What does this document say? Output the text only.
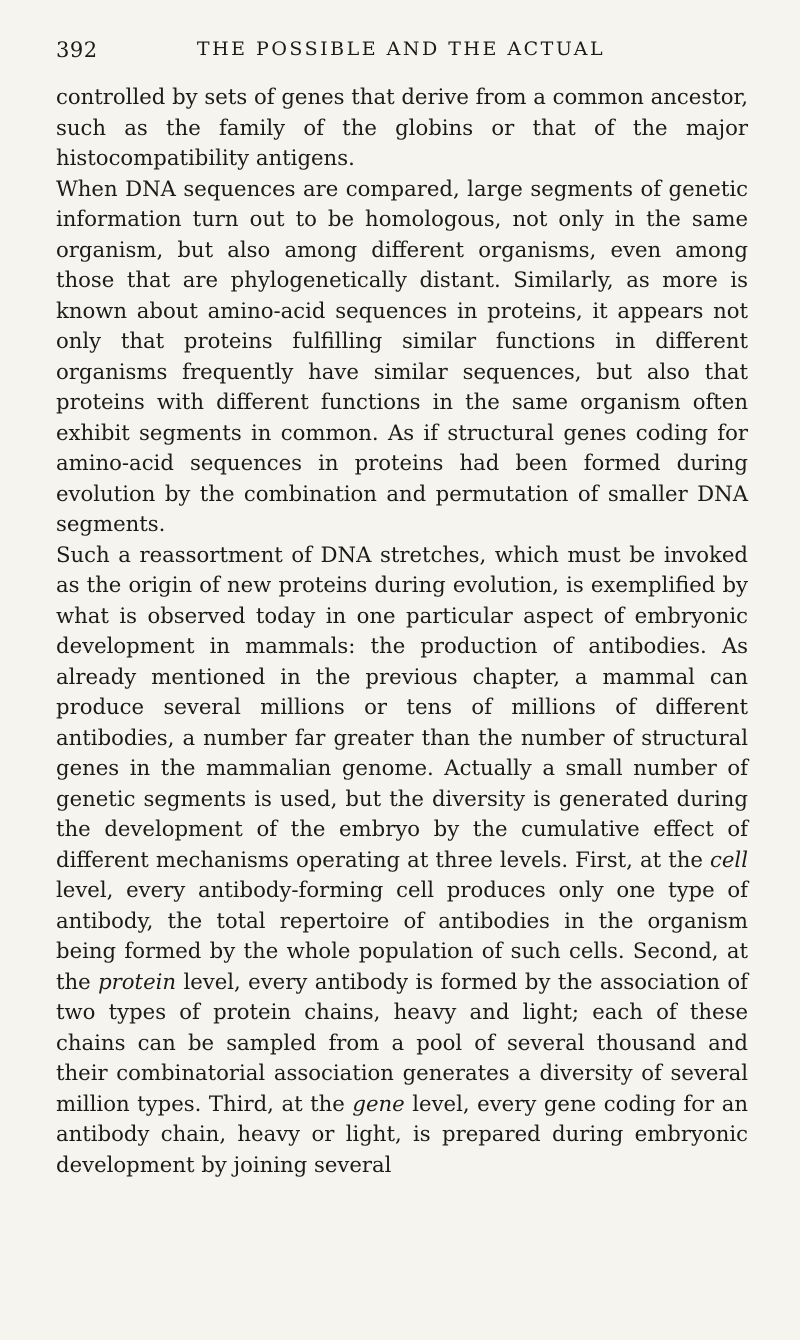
392	THE POSSIBLE AND THE ACTUAL

controlled by sets of genes that derive from a common ancestor, such as the family of the globins or that of the major histocompatibility antigens.

When DNA sequences are compared, large segments of genetic information turn out to be homologous, not only in the same organism, but also among different organisms, even among those that are phylogenetically distant. Similarly, as more is known about amino-acid sequences in proteins, it appears not only that proteins fulfilling similar functions in different organisms frequently have similar sequences, but also that proteins with different functions in the same organism often exhibit segments in common. As if structural genes coding for amino-acid sequences in proteins had been formed during evolution by the combination and permutation of smaller DNA segments.

Such a reassortment of DNA stretches, which must be invoked as the origin of new proteins during evolution, is exemplified by what is observed today in one particular aspect of embryonic development in mammals: the production of antibodies. As already mentioned in the previous chapter, a mammal can produce several millions or tens of millions of different antibodies, a number far greater than the number of structural genes in the mammalian genome. Actually a small number of genetic segments is used, but the diversity is generated during the development of the embryo by the cumulative effect of different mechanisms operating at three levels. First, at the cell level, every antibody-forming cell produces only one type of antibody, the total repertoire of antibodies in the organism being formed by the whole population of such cells. Second, at the protein level, every antibody is formed by the association of two types of protein chains, heavy and light; each of these chains can be sampled from a pool of several thousand and their combinatorial association generates a diversity of several million types. Third, at the gene level, every gene coding for an antibody chain, heavy or light, is prepared during embryonic development by joining several
